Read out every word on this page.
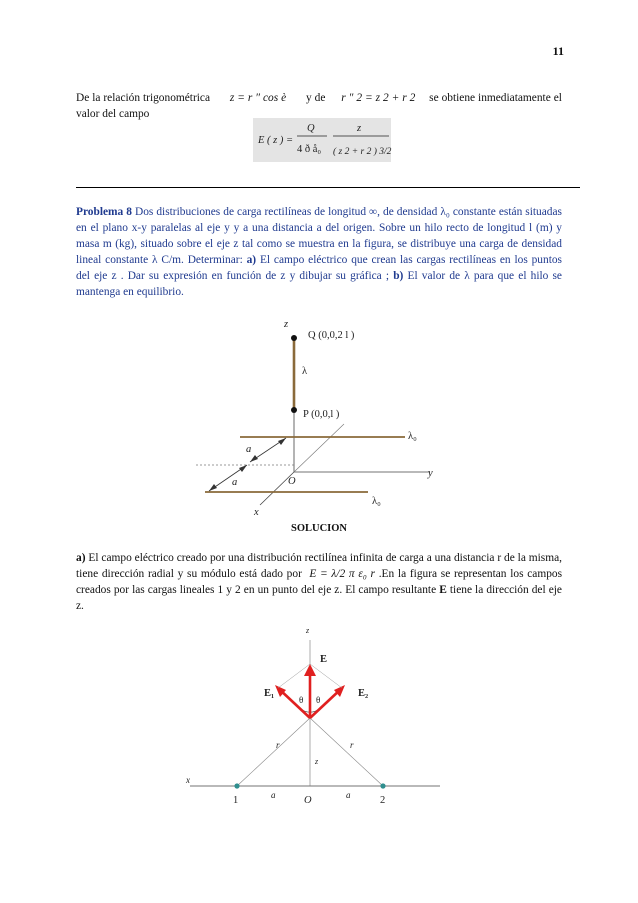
11
De la relación trigonométrica z = r ″ cos è y de r ″ 2 = z 2 + r 2 se obtiene inmediatamente el valor del campo
E ( z ) =
Q
4 ð å₀
z
( z 2 + r 2 ) 3/2
z
Q (0,0,2 l )
λ
P (0,0,l )
λ₀
a
a	O
y
λ₀
x
z
E
E₁	E₂
θ θ
r	r
z
x
1	a	O	a	2
Problema 8 Dos distribuciones de carga rectilíneas de longitud ∞, de densidad λ₀ constante están situadas en el plano x-y paralelas al eje y y a una distancia a del origen. Sobre un hilo recto de longitud l (m) y masa m (kg), situado sobre el eje z tal como se muestra en la figura, se distribuye una carga de densidad lineal constante λ C/m. Determinar: a) El campo eléctrico que crean las cargas rectilíneas en los puntos del eje z . Dar su expresión en función de z y dibujar su gráfica ; b) El valor de λ para que el hilo se mantenga en equilibrio.
SOLUCION
a) El campo eléctrico creado por una distribución rectilínea infinita de carga a una distancia r de la misma, tiene dirección radial y su módulo está dado por E = λ/2 π ε₀ r .En la figura se representan los campos creados por las cargas lineales 1 y 2 en un punto del eje z. El campo resultante E tiene la dirección del eje z.
